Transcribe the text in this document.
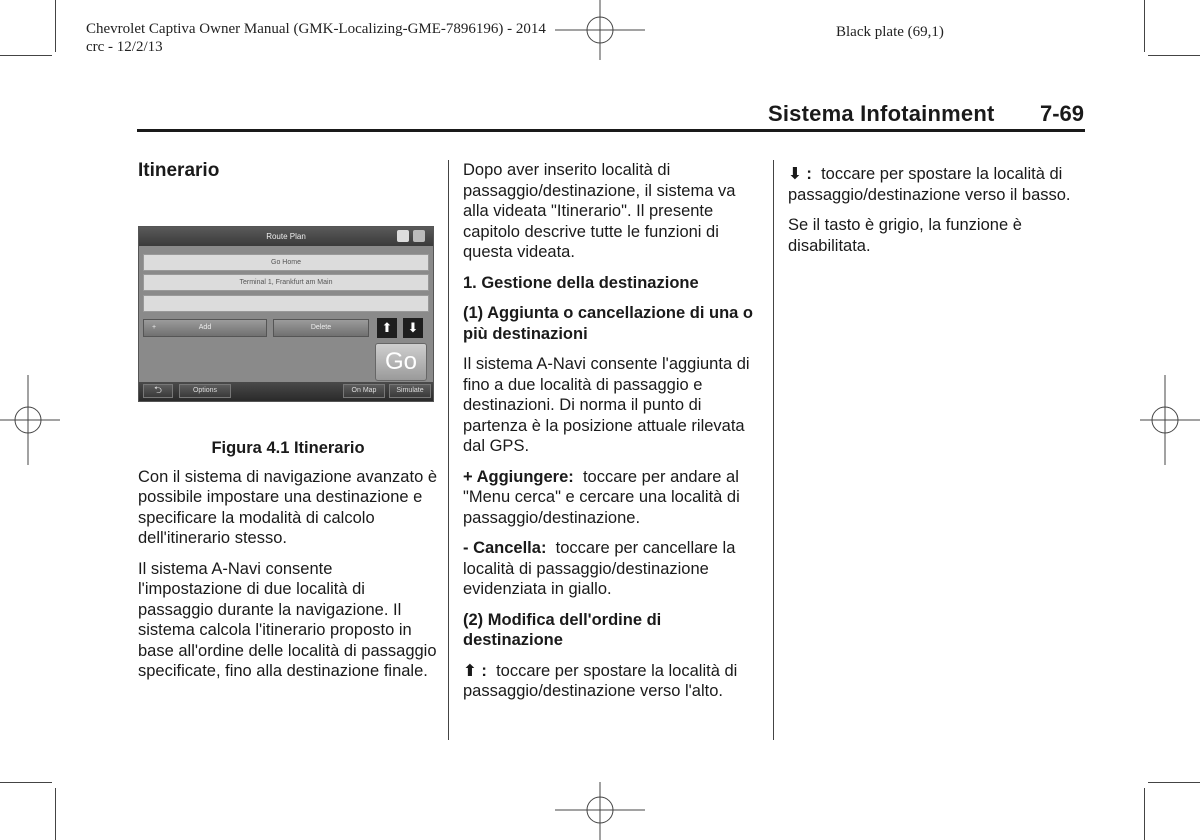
Chevrolet Captiva Owner Manual (GMK-Localizing-GME-7896196) - 2014
crc - 12/2/13
Black plate (69,1)
Sistema Infotainment 7-69
Itinerario
Route Plan
Go Home
Terminal 1, Frankfurt am Main
+	Add	Delete	⬆	⬇
Go
⮌	Options	On Map	Simulate

Figura 4.1 Itinerario

Con il sistema di navigazione avanzato è possibile impostare una destinazione e specificare la modalità di calcolo dell'itinerario stesso.

Il sistema A-Navi consente l'impostazione di due località di passaggio durante la navigazione. Il sistema calcola l'itinerario proposto in base all'ordine delle località di passaggio specificate, fino alla destinazione finale.

Dopo aver inserito località di passaggio/destinazione, il sistema va alla videata "Itinerario". Il presente capitolo descrive tutte le funzioni di questa videata.

1. Gestione della destinazione

(1) Aggiunta o cancellazione di una o più destinazioni

Il sistema A-Navi consente l'aggiunta di fino a due località di passaggio e destinazioni. Di norma il punto di partenza è la posizione attuale rilevata dal GPS.

+ Aggiungere: toccare per andare al "Menu cerca" e cercare una località di passaggio/destinazione.

- Cancella: toccare per cancellare la località di passaggio/destinazione evidenziata in giallo.

(2) Modifica dell'ordine di destinazione

⬆ : toccare per spostare la località di passaggio/destinazione verso l'alto.

⬇ : toccare per spostare la località di passaggio/destinazione verso il basso.

Se il tasto è grigio, la funzione è disabilitata.
